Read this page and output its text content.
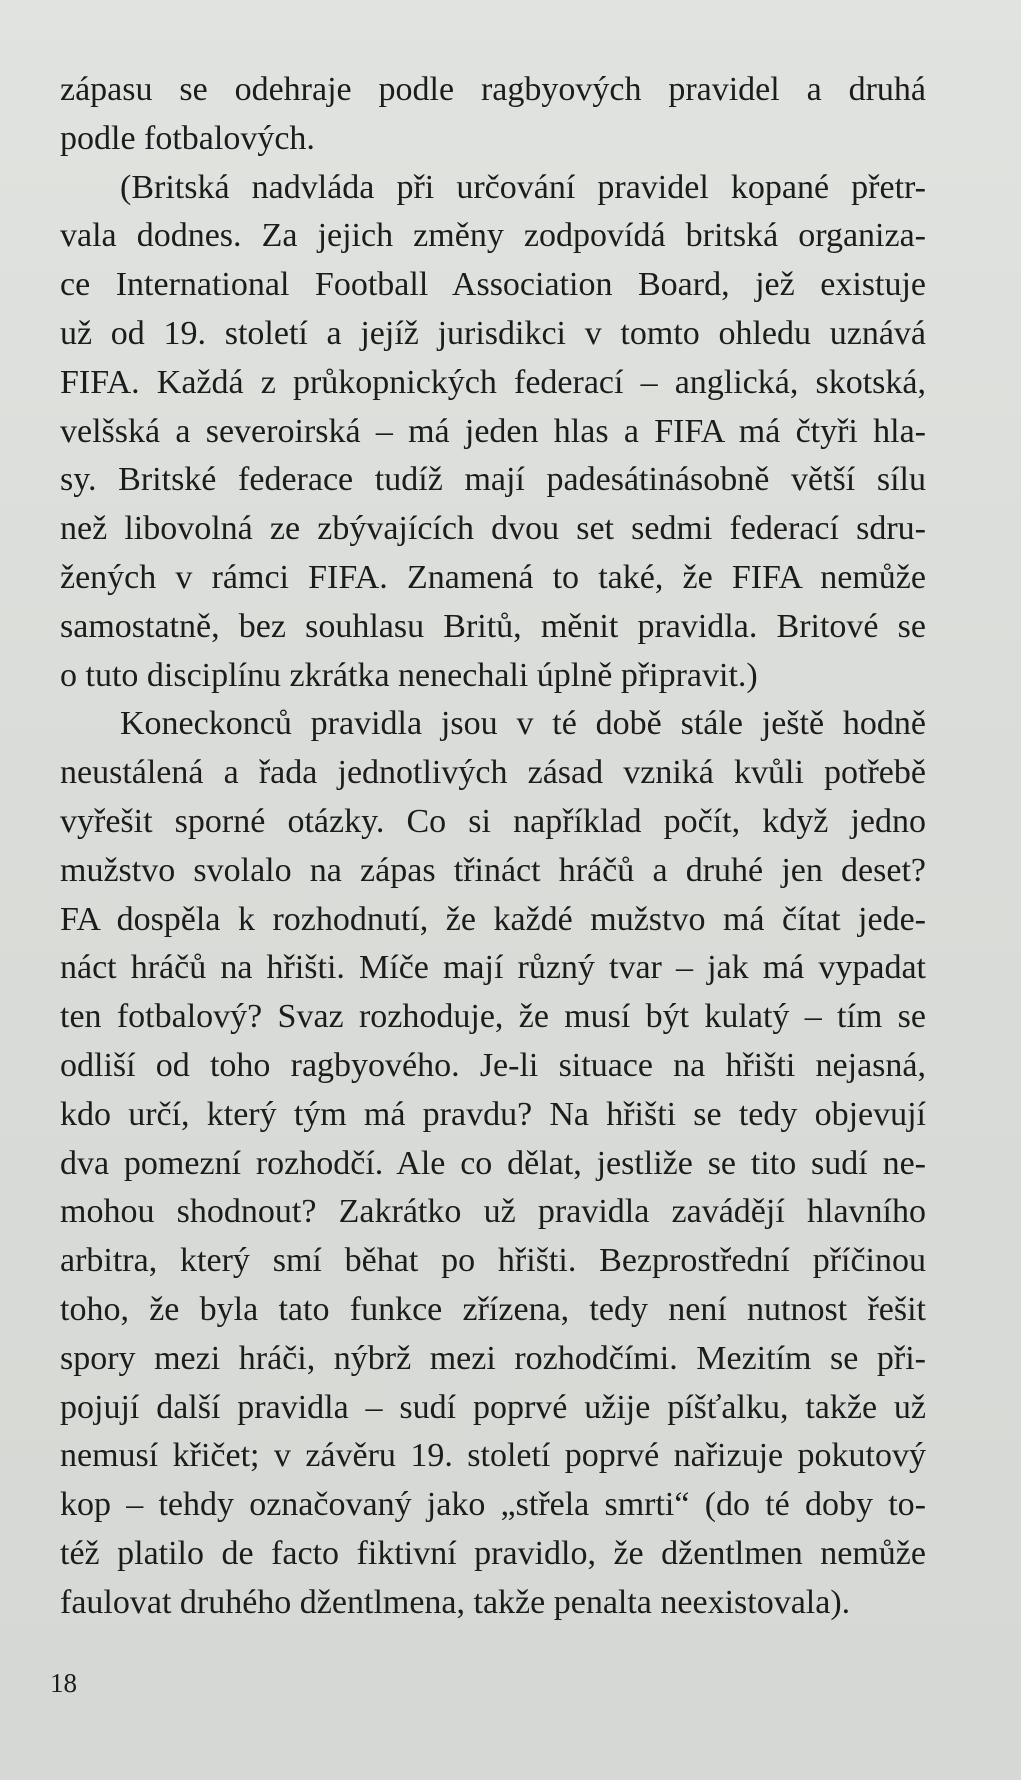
zápasu se odehraje podle ragbyových pravidel a druhá
podle fotbalových.
(Britská nadvláda při určování pravidel kopané přetr-
vala dodnes. Za jejich změny zodpovídá britská organiza-
ce International Football Association Board, jež existuje
už od 19. století a jejíž jurisdikci v tomto ohledu uznává
FIFA. Každá z průkopnických federací – anglická, skotská,
velšská a severoirská – má jeden hlas a FIFA má čtyři hla-
sy. Britské federace tudíž mají padesátinásobně větší sílu
než libovolná ze zbývajících dvou set sedmi federací sdru-
žených v rámci FIFA. Znamená to také, že FIFA nemůže
samostatně, bez souhlasu Britů, měnit pravidla. Britové se
o tuto disciplínu zkrátka nenechali úplně připravit.)
Koneckonců pravidla jsou v té době stále ještě hodně
neustálená a řada jednotlivých zásad vzniká kvůli potřebě
vyřešit sporné otázky. Co si například počít, když jedno
mužstvo svolalo na zápas třináct hráčů a druhé jen deset?
FA dospěla k rozhodnutí, že každé mužstvo má čítat jede-
náct hráčů na hřišti. Míče mají různý tvar – jak má vypadat
ten fotbalový? Svaz rozhoduje, že musí být kulatý – tím se
odliší od toho ragbyového. Je-li situace na hřišti nejasná,
kdo určí, který tým má pravdu? Na hřišti se tedy objevují
dva pomezní rozhodčí. Ale co dělat, jestliže se tito sudí ne-
mohou shodnout? Zakrátko už pravidla zavádějí hlavního
arbitra, který smí běhat po hřišti. Bezprostřední příčinou
toho, že byla tato funkce zřízena, tedy není nutnost řešit
spory mezi hráči, nýbrž mezi rozhodčími. Mezitím se při-
pojují další pravidla – sudí poprvé užije píšťalku, takže už
nemusí křičet; v závěru 19. století poprvé nařizuje pokutový
kop – tehdy označovaný jako „střela smrti“ (do té doby to-
též platilo de facto fiktivní pravidlo, že džentlmen nemůže
faulovat druhého džentlmena, takže penalta neexistovala).
18
